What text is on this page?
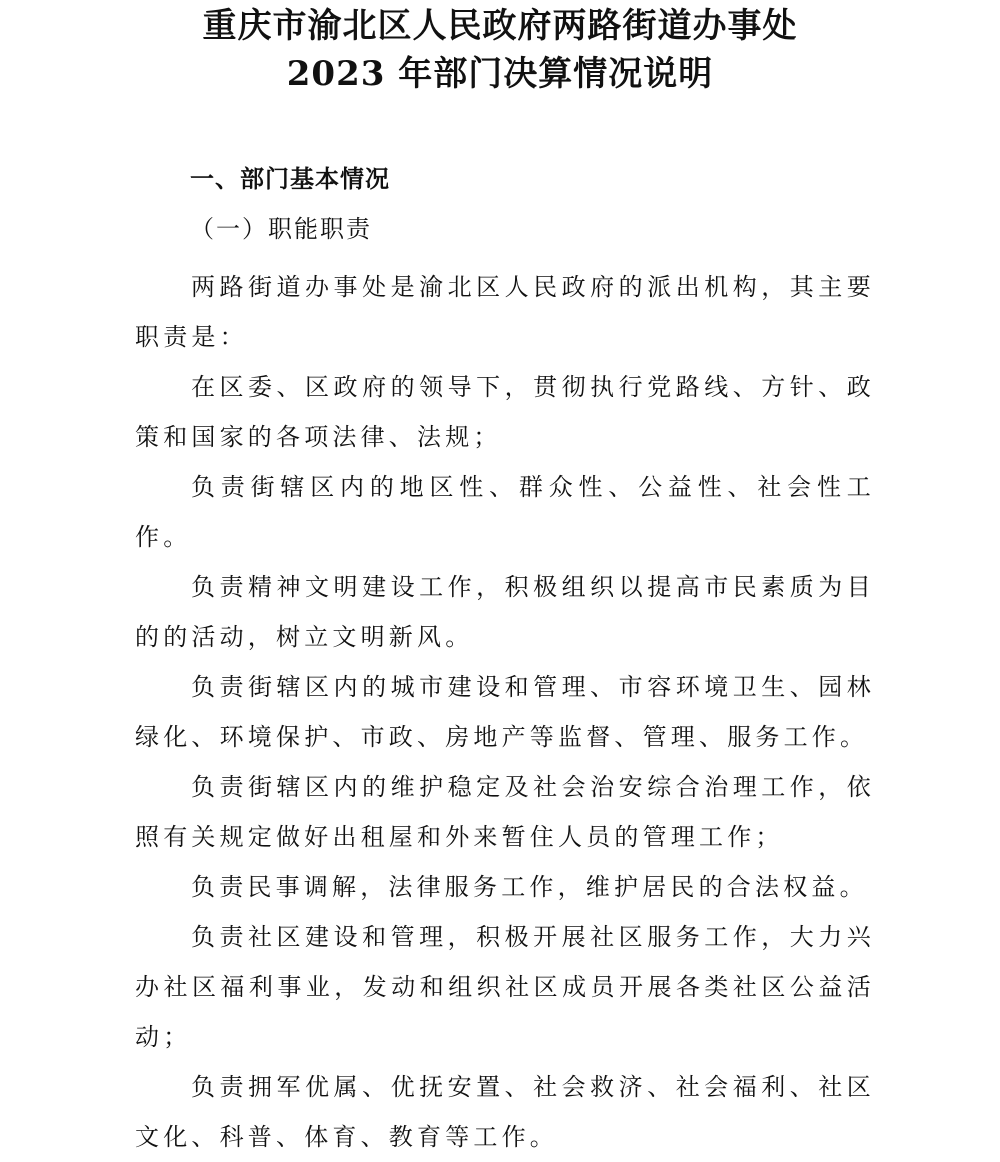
重庆市渝北区人民政府两路街道办事处
2023 年部门决算情况说明
一、部门基本情况
（一）职能职责

两路街道办事处是渝北区人民政府的派出机构，其主要职责是：

在区委、区政府的领导下，贯彻执行党路线、方针、政策和国家的各项法律、法规；

负责街辖区内的地区性、群众性、公益性、社会性工作。

负责精神文明建设工作，积极组织以提高市民素质为目的的活动，树立文明新风。

负责街辖区内的城市建设和管理、市容环境卫生、园林绿化、环境保护、市政、房地产等监督、管理、服务工作。

负责街辖区内的维护稳定及社会治安综合治理工作，依照有关规定做好出租屋和外来暂住人员的管理工作；

负责民事调解，法律服务工作，维护居民的合法权益。

负责社区建设和管理，积极开展社区服务工作，大力兴办社区福利事业，发动和组织社区成员开展各类社区公益活动；

负责拥军优属、优抚安置、社会救济、社会福利、社区文化、科普、体育、教育等工作。
